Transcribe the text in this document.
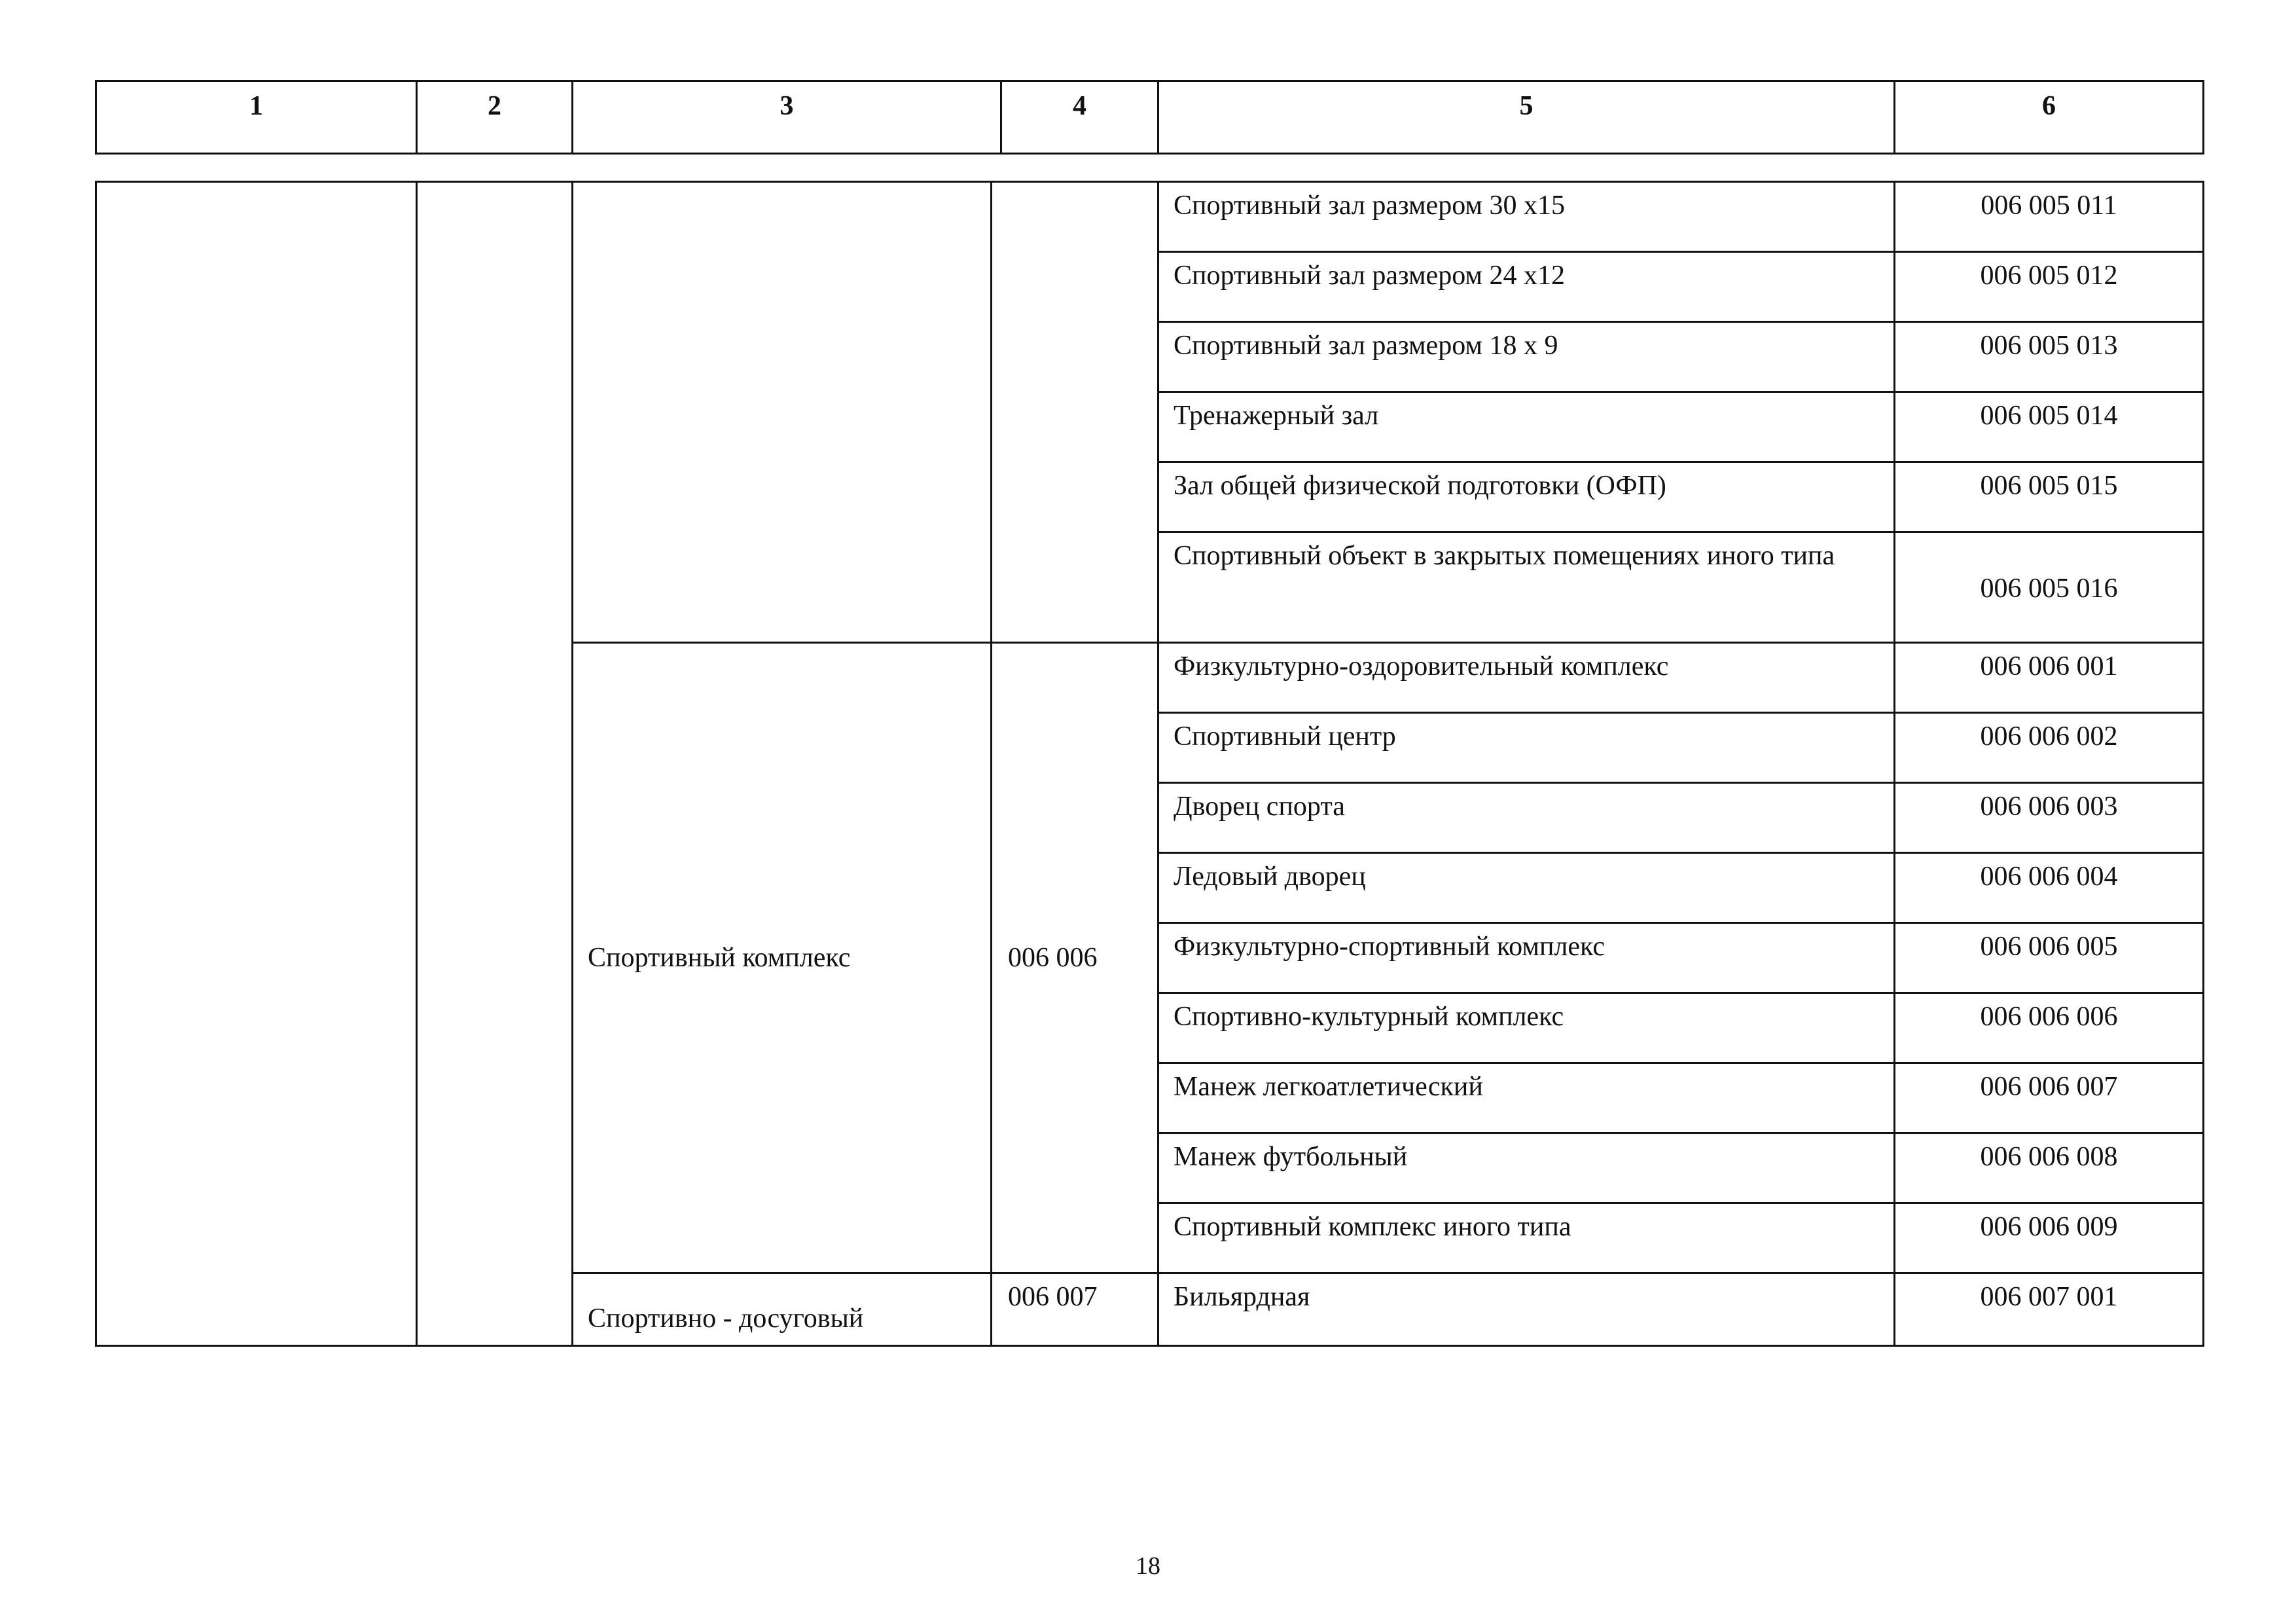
1	2	3	4	5	6
				Спортивный зал размером 30 х15	006 005 011
				Спортивный зал размером 24 х12	006 005 012
				Спортивный зал размером 18 х 9	006 005 013
				Тренажерный зал	006 005 014
				Зал общей физической подготовки (ОФП)	006 005 015
				Спортивный объект в закрытых помещениях иного типа	006 005 016
		Спортивный комплекс	006 006	Физкультурно-оздоровительный комплекс	006 006 001
				Спортивный центр	006 006 002
				Дворец спорта	006 006 003
				Ледовый дворец	006 006 004
				Физкультурно-спортивный комплекс	006 006 005
				Спортивно-культурный комплекс	006 006 006
				Манеж легкоатлетический	006 006 007
				Манеж футбольный	006 006 008
				Спортивный комплекс иного типа	006 006 009
		Спортивно - досуговый	006 007	Бильярдная	006 007 001
18
